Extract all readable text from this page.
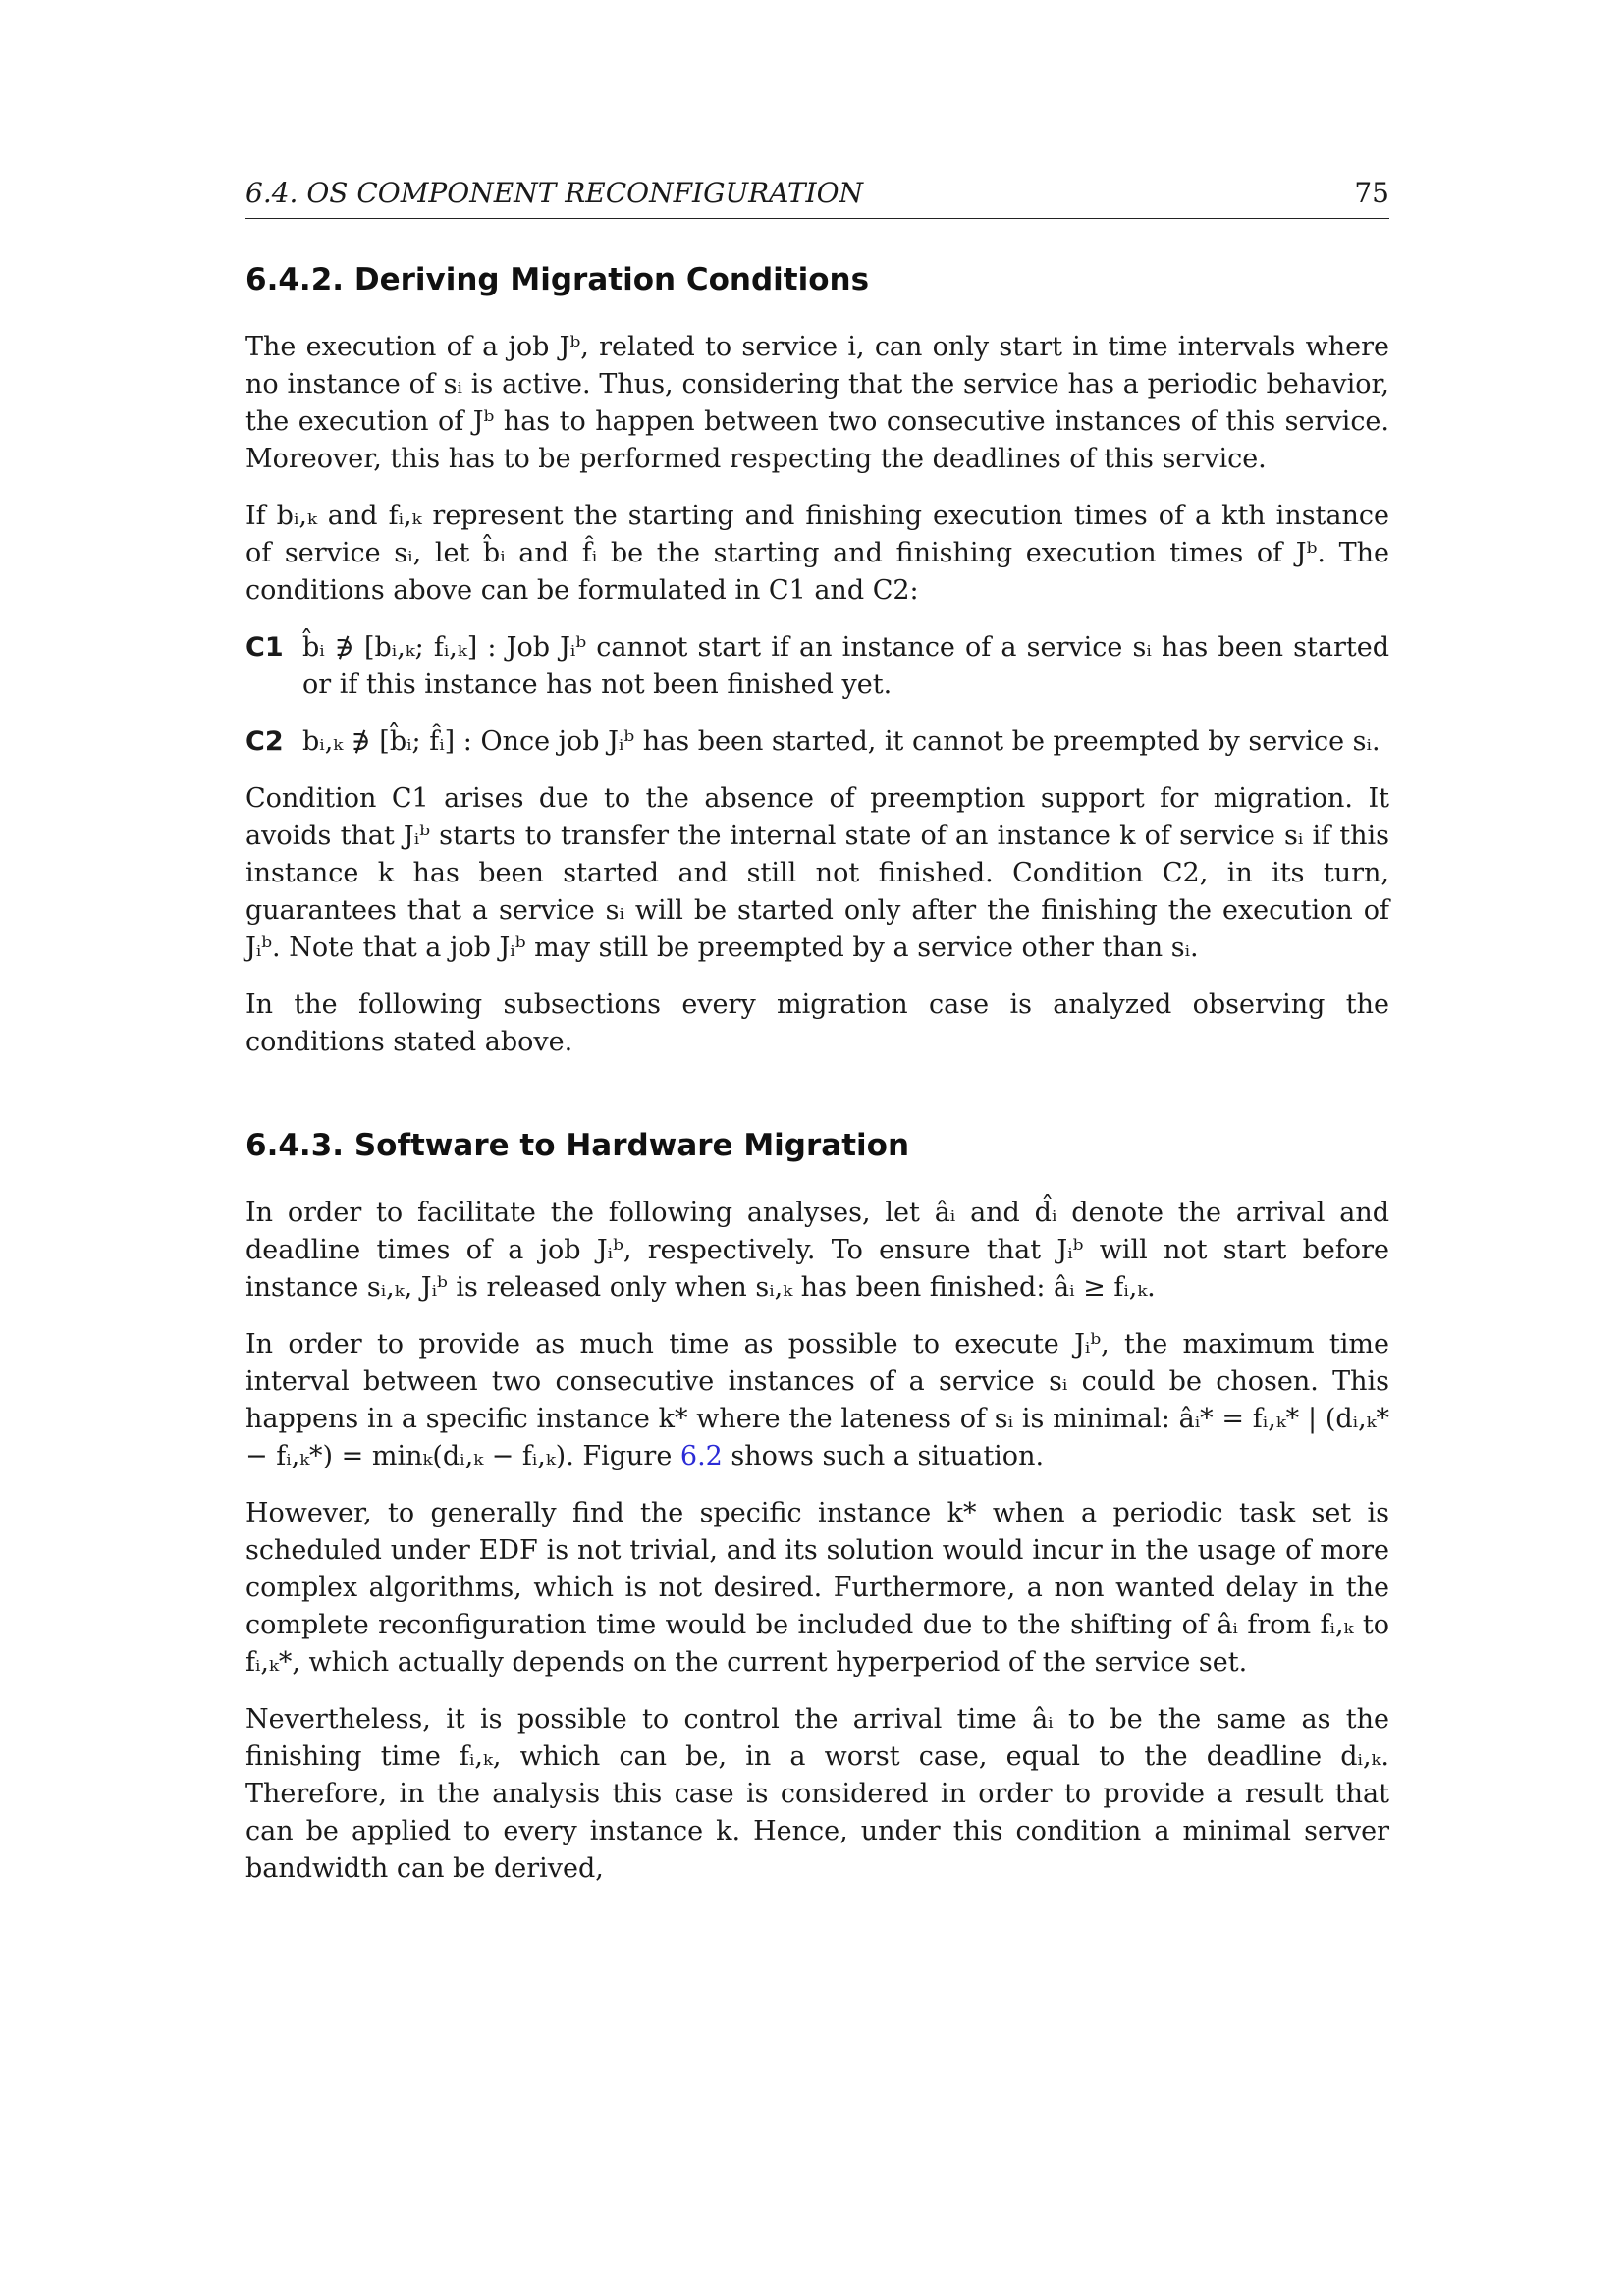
6.4. OS COMPONENT RECONFIGURATION	75
6.4.2. Deriving Migration Conditions

The execution of a job Jᵇ, related to service i, can only start in time intervals where no instance of sᵢ is active. Thus, considering that the service has a periodic behavior, the execution of Jᵇ has to happen between two consecutive instances of this service. Moreover, this has to be performed respecting the deadlines of this service.

If bᵢ,ₖ and fᵢ,ₖ represent the starting and finishing execution times of a kth instance of service sᵢ, let b̂ᵢ and f̂ᵢ be the starting and finishing execution times of Jᵇ. The conditions above can be formulated in C1 and C2:

C1 b̂ᵢ ∌ [bᵢ,ₖ; fᵢ,ₖ] : Job Jᵢᵇ cannot start if an instance of a service sᵢ has been started or if this instance has not been finished yet.
C2 bᵢ,ₖ ∌ [b̂ᵢ; f̂ᵢ] : Once job Jᵢᵇ has been started, it cannot be preempted by service sᵢ.

Condition C1 arises due to the absence of preemption support for migration. It avoids that Jᵢᵇ starts to transfer the internal state of an instance k of service sᵢ if this instance k has been started and still not finished. Condition C2, in its turn, guarantees that a service sᵢ will be started only after the finishing the execution of Jᵢᵇ. Note that a job Jᵢᵇ may still be preempted by a service other than sᵢ.

In the following subsections every migration case is analyzed observing the conditions stated above.

6.4.3. Software to Hardware Migration

In order to facilitate the following analyses, let âᵢ and d̂ᵢ denote the arrival and deadline times of a job Jᵢᵇ, respectively. To ensure that Jᵢᵇ will not start before instance sᵢ,ₖ, Jᵢᵇ is released only when sᵢ,ₖ has been finished: âᵢ ≥ fᵢ,ₖ.

In order to provide as much time as possible to execute Jᵢᵇ, the maximum time interval between two consecutive instances of a service sᵢ could be chosen. This happens in a specific instance k* where the lateness of sᵢ is minimal: âᵢ* = fᵢ,ₖ* | (dᵢ,ₖ* − fᵢ,ₖ*) = minₖ(dᵢ,ₖ − fᵢ,ₖ). Figure 6.2 shows such a situation.

However, to generally find the specific instance k* when a periodic task set is scheduled under EDF is not trivial, and its solution would incur in the usage of more complex algorithms, which is not desired. Furthermore, a non wanted delay in the complete reconfiguration time would be included due to the shifting of âᵢ from fᵢ,ₖ to fᵢ,ₖ*, which actually depends on the current hyperperiod of the service set.

Nevertheless, it is possible to control the arrival time âᵢ to be the same as the finishing time fᵢ,ₖ, which can be, in a worst case, equal to the deadline dᵢ,ₖ. Therefore, in the analysis this case is considered in order to provide a result that can be applied to every instance k. Hence, under this condition a minimal server bandwidth can be derived,
